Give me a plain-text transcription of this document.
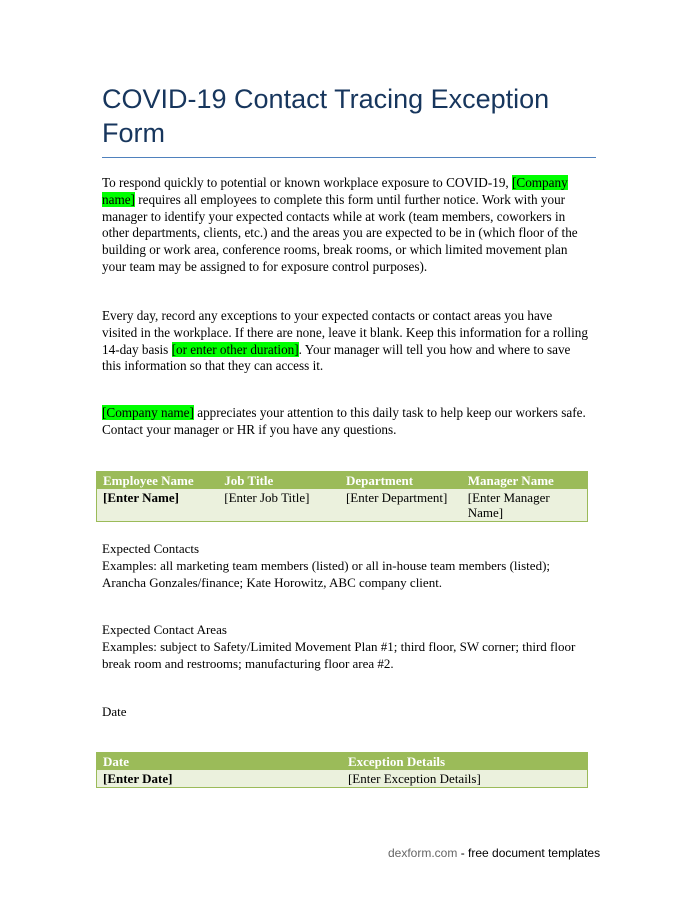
COVID-19 Contact Tracing Exception Form
To respond quickly to potential or known workplace exposure to COVID-19, [Company name] requires all employees to complete this form until further notice. Work with your manager to identify your expected contacts while at work (team members, coworkers in other departments, clients, etc.) and the areas you are expected to be in (which floor of the building or work area, conference rooms, break rooms, or which limited movement plan your team may be assigned to for exposure control purposes).
Every day, record any exceptions to your expected contacts or contact areas you have visited in the workplace. If there are none, leave it blank. Keep this information for a rolling 14-day basis [or enter other duration]. Your manager will tell you how and where to save this information so that they can access it.
[Company name] appreciates your attention to this daily task to help keep our workers safe. Contact your manager or HR if you have any questions.
Employee Name	Job Title	Department	Manager Name
[Enter Name]	[Enter Job Title]	[Enter Department]	[Enter Manager Name]
Expected Contacts
Examples: all marketing team members (listed) or all in-house team members (listed); Arancha Gonzales/finance; Kate Horowitz, ABC company client.
Expected Contact Areas
Examples: subject to Safety/Limited Movement Plan #1; third floor, SW corner; third floor break room and restrooms; manufacturing floor area #2.
Date
Date	Exception Details
[Enter Date]	[Enter Exception Details]
dexform.com - free document templates
